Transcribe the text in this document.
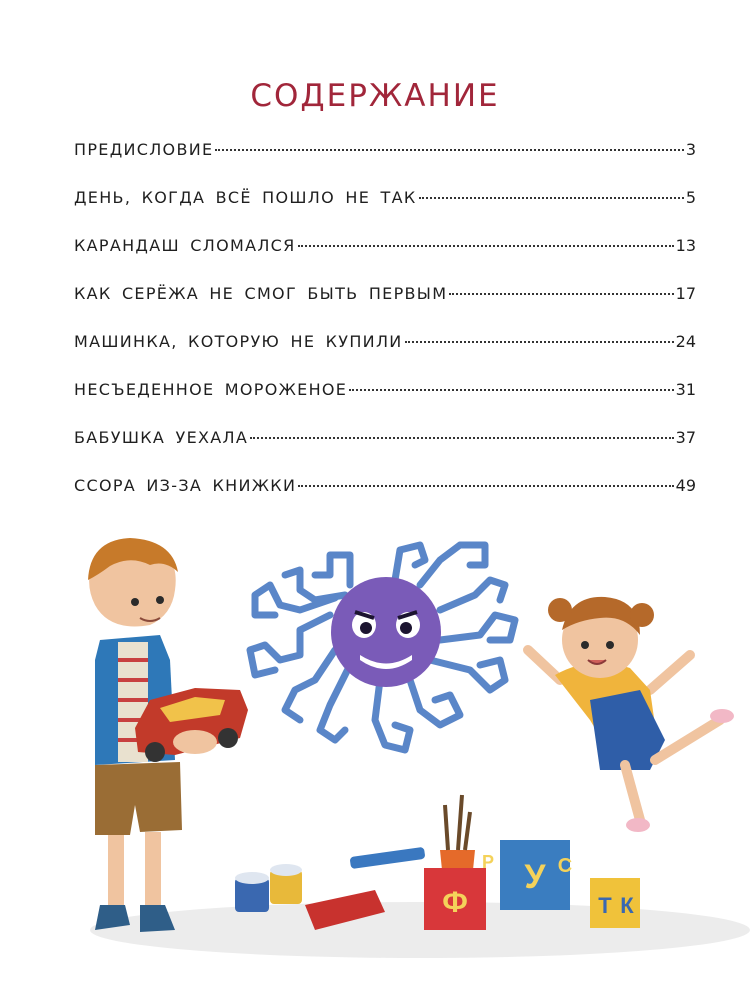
СОДЕРЖАНИЕ
ПРЕДИСЛОВИЕ	3
ДЕНЬ, КОГДА ВСЁ ПОШЛО НЕ ТАК	5
КАРАНДАШ СЛОМАЛСЯ	13
КАК СЕРЁЖА НЕ СМОГ БЫТЬ ПЕРВЫМ	17
МАШИНКА, КОТОРУЮ НЕ КУПИЛИ	24
НЕСЪЕДЕННОЕ МОРОЖЕНОЕ	31
БАБУШКА УЕХАЛА	37
ССОРА ИЗ-ЗА КНИЖКИ	49
Ф
У С
Р
Т К
